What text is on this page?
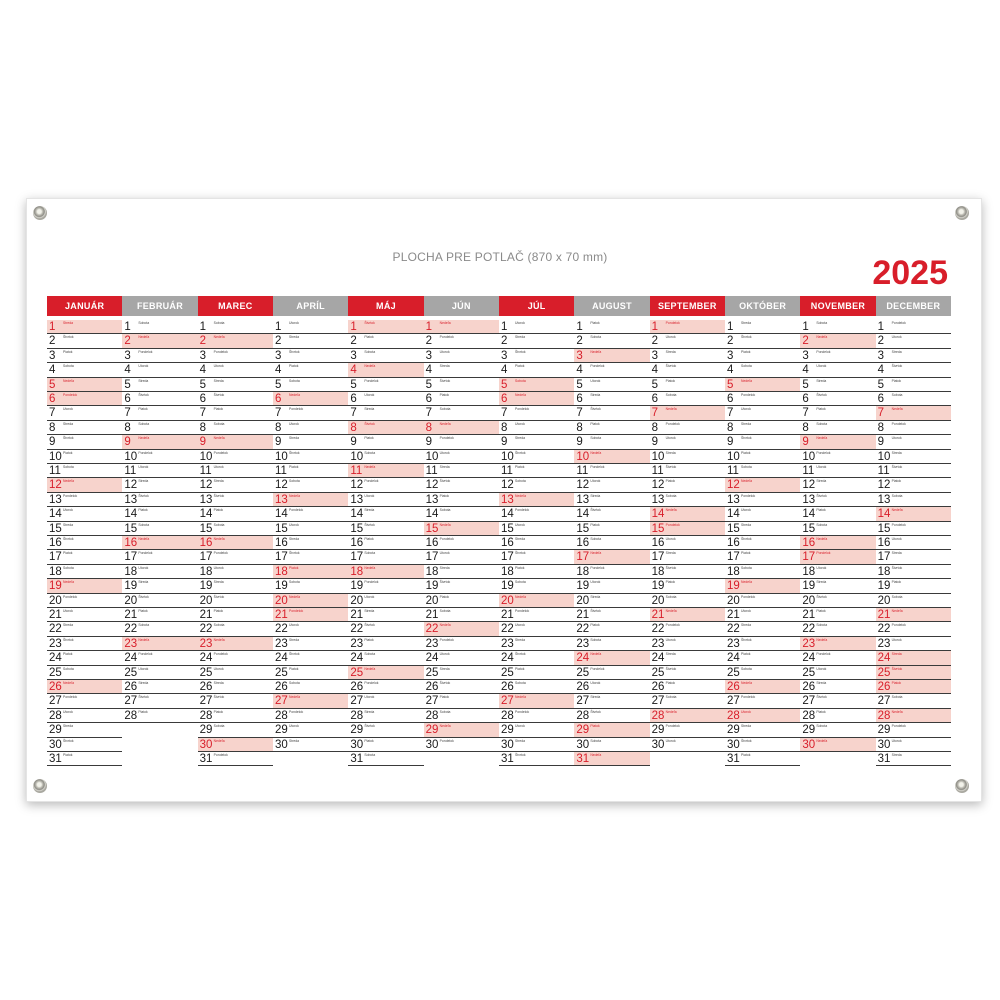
PLOCHA PRE POTLAČ (870 x 70 mm)	2025
JANUÁR
1 Streda
2 Štvrtok
3 Piatok
4 Sobota
5 Nedeľa
6 Pondelok
7 Utorok
8 Streda
9 Štvrtok
10 Piatok
11 Sobota
12 Nedeľa
13 Pondelok
14 Utorok
15 Streda
16 Štvrtok
17 Piatok
18 Sobota
19 Nedeľa
20 Pondelok
21 Utorok
22 Streda
23 Štvrtok
24 Piatok
25 Sobota
26 Nedeľa
27 Pondelok
28 Utorok
29 Streda
30 Štvrtok
31 Piatok
FEBRUÁR
1 Sobota
2 Nedeľa
3 Pondelok
4 Utorok
5 Streda
6 Štvrtok
7 Piatok
8 Sobota
9 Nedeľa
10 Pondelok
11 Utorok
12 Streda
13 Štvrtok
14 Piatok
15 Sobota
16 Nedeľa
17 Pondelok
18 Utorok
19 Streda
20 Štvrtok
21 Piatok
22 Sobota
23 Nedeľa
24 Pondelok
25 Utorok
26 Streda
27 Štvrtok
28 Piatok
MAREC
1 Sobota
2 Nedeľa
3 Pondelok
4 Utorok
5 Streda
6 Štvrtok
7 Piatok
8 Sobota
9 Nedeľa
10 Pondelok
11 Utorok
12 Streda
13 Štvrtok
14 Piatok
15 Sobota
16 Nedeľa
17 Pondelok
18 Utorok
19 Streda
20 Štvrtok
21 Piatok
22 Sobota
23 Nedeľa
24 Pondelok
25 Utorok
26 Streda
27 Štvrtok
28 Piatok
29 Sobota
30 Nedeľa
31 Pondelok
APRÍL
1 Utorok
2 Streda
3 Štvrtok
4 Piatok
5 Sobota
6 Nedeľa
7 Pondelok
8 Utorok
9 Streda
10 Štvrtok
11 Piatok
12 Sobota
13 Nedeľa
14 Pondelok
15 Utorok
16 Streda
17 Štvrtok
18 Piatok
19 Sobota
20 Nedeľa
21 Pondelok
22 Utorok
23 Streda
24 Štvrtok
25 Piatok
26 Sobota
27 Nedeľa
28 Pondelok
29 Utorok
30 Streda
MÁJ
1 Štvrtok
2 Piatok
3 Sobota
4 Nedeľa
5 Pondelok
6 Utorok
7 Streda
8 Štvrtok
9 Piatok
10 Sobota
11 Nedeľa
12 Pondelok
13 Utorok
14 Streda
15 Štvrtok
16 Piatok
17 Sobota
18 Nedeľa
19 Pondelok
20 Utorok
21 Streda
22 Štvrtok
23 Piatok
24 Sobota
25 Nedeľa
26 Pondelok
27 Utorok
28 Streda
29 Štvrtok
30 Piatok
31 Sobota
JÚN
1 Nedeľa
2 Pondelok
3 Utorok
4 Streda
5 Štvrtok
6 Piatok
7 Sobota
8 Nedeľa
9 Pondelok
10 Utorok
11 Streda
12 Štvrtok
13 Piatok
14 Sobota
15 Nedeľa
16 Pondelok
17 Utorok
18 Streda
19 Štvrtok
20 Piatok
21 Sobota
22 Nedeľa
23 Pondelok
24 Utorok
25 Streda
26 Štvrtok
27 Piatok
28 Sobota
29 Nedeľa
30 Pondelok
JÚL
1 Utorok
2 Streda
3 Štvrtok
4 Piatok
5 Sobota
6 Nedeľa
7 Pondelok
8 Utorok
9 Streda
10 Štvrtok
11 Piatok
12 Sobota
13 Nedeľa
14 Pondelok
15 Utorok
16 Streda
17 Štvrtok
18 Piatok
19 Sobota
20 Nedeľa
21 Pondelok
22 Utorok
23 Streda
24 Štvrtok
25 Piatok
26 Sobota
27 Nedeľa
28 Pondelok
29 Utorok
30 Streda
31 Štvrtok
AUGUST
1 Piatok
2 Sobota
3 Nedeľa
4 Pondelok
5 Utorok
6 Streda
7 Štvrtok
8 Piatok
9 Sobota
10 Nedeľa
11 Pondelok
12 Utorok
13 Streda
14 Štvrtok
15 Piatok
16 Sobota
17 Nedeľa
18 Pondelok
19 Utorok
20 Streda
21 Štvrtok
22 Piatok
23 Sobota
24 Nedeľa
25 Pondelok
26 Utorok
27 Streda
28 Štvrtok
29 Piatok
30 Sobota
31 Nedeľa
SEPTEMBER
1 Pondelok
2 Utorok
3 Streda
4 Štvrtok
5 Piatok
6 Sobota
7 Nedeľa
8 Pondelok
9 Utorok
10 Streda
11 Štvrtok
12 Piatok
13 Sobota
14 Nedeľa
15 Pondelok
16 Utorok
17 Streda
18 Štvrtok
19 Piatok
20 Sobota
21 Nedeľa
22 Pondelok
23 Utorok
24 Streda
25 Štvrtok
26 Piatok
27 Sobota
28 Nedeľa
29 Pondelok
30 Utorok
OKTÓBER
1 Streda
2 Štvrtok
3 Piatok
4 Sobota
5 Nedeľa
6 Pondelok
7 Utorok
8 Streda
9 Štvrtok
10 Piatok
11 Sobota
12 Nedeľa
13 Pondelok
14 Utorok
15 Streda
16 Štvrtok
17 Piatok
18 Sobota
19 Nedeľa
20 Pondelok
21 Utorok
22 Streda
23 Štvrtok
24 Piatok
25 Sobota
26 Nedeľa
27 Pondelok
28 Utorok
29 Streda
30 Štvrtok
31 Piatok
NOVEMBER
1 Sobota
2 Nedeľa
3 Pondelok
4 Utorok
5 Streda
6 Štvrtok
7 Piatok
8 Sobota
9 Nedeľa
10 Pondelok
11 Utorok
12 Streda
13 Štvrtok
14 Piatok
15 Sobota
16 Nedeľa
17 Pondelok
18 Utorok
19 Streda
20 Štvrtok
21 Piatok
22 Sobota
23 Nedeľa
24 Pondelok
25 Utorok
26 Streda
27 Štvrtok
28 Piatok
29 Sobota
30 Nedeľa
DECEMBER
1 Pondelok
2 Utorok
3 Streda
4 Štvrtok
5 Piatok
6 Sobota
7 Nedeľa
8 Pondelok
9 Utorok
10 Streda
11 Štvrtok
12 Piatok
13 Sobota
14 Nedeľa
15 Pondelok
16 Utorok
17 Streda
18 Štvrtok
19 Piatok
20 Sobota
21 Nedeľa
22 Pondelok
23 Utorok
24 Streda
25 Štvrtok
26 Piatok
27 Sobota
28 Nedeľa
29 Pondelok
30 Utorok
31 Streda
